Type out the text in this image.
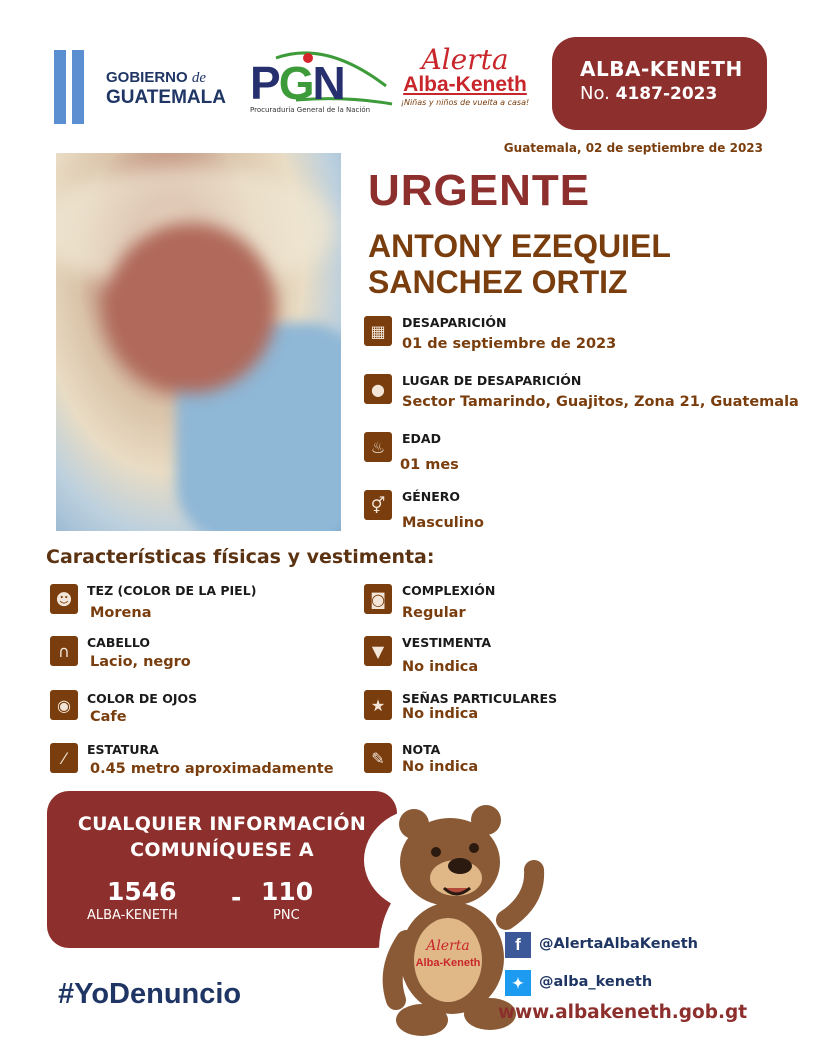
GOBIERNO de
GUATEMALA PGN
Procuraduría General de la Nación
Alerta
Alba-Keneth
¡Niñas y niños de vuelta a casa!
ALBA-KENETH
No. 4187-2023
Guatemala, 02 de septiembre de 2023
URGENTE
ANTONY EZEQUIEL
SANCHEZ ORTIZ
▦	DESAPARICIÓN
01 de septiembre de 2023
●	LUGAR DE DESAPARICIÓN
Sector Tamarindo, Guajitos, Zona 21, Guatemala
♨	EDAD
01 mes
⚥	GÉNERO
Masculino
Características físicas y vestimenta:
☻	TEZ (COLOR DE LA PIEL)
Morena
◙	COMPLEXIÓN
Regular
∩	CABELLO
Lacio, negro
▼	VESTIMENTA
No indica
◉	COLOR DE OJOS
Cafe
★	SEÑAS PARTICULARES
No indica
⁄	ESTATURA
0.45 metro aproximadamente
✎	NOTA
No indica
CUALQUIER INFORMACIÓN
COMUNÍQUESE A
1546
ALBA-KENETH
- 110
PNC
#YoDenuncio
Alerta
Alba-Keneth
f	@AlertaAlbaKeneth
✦	@alba_keneth
www.albakeneth.gob.gt
